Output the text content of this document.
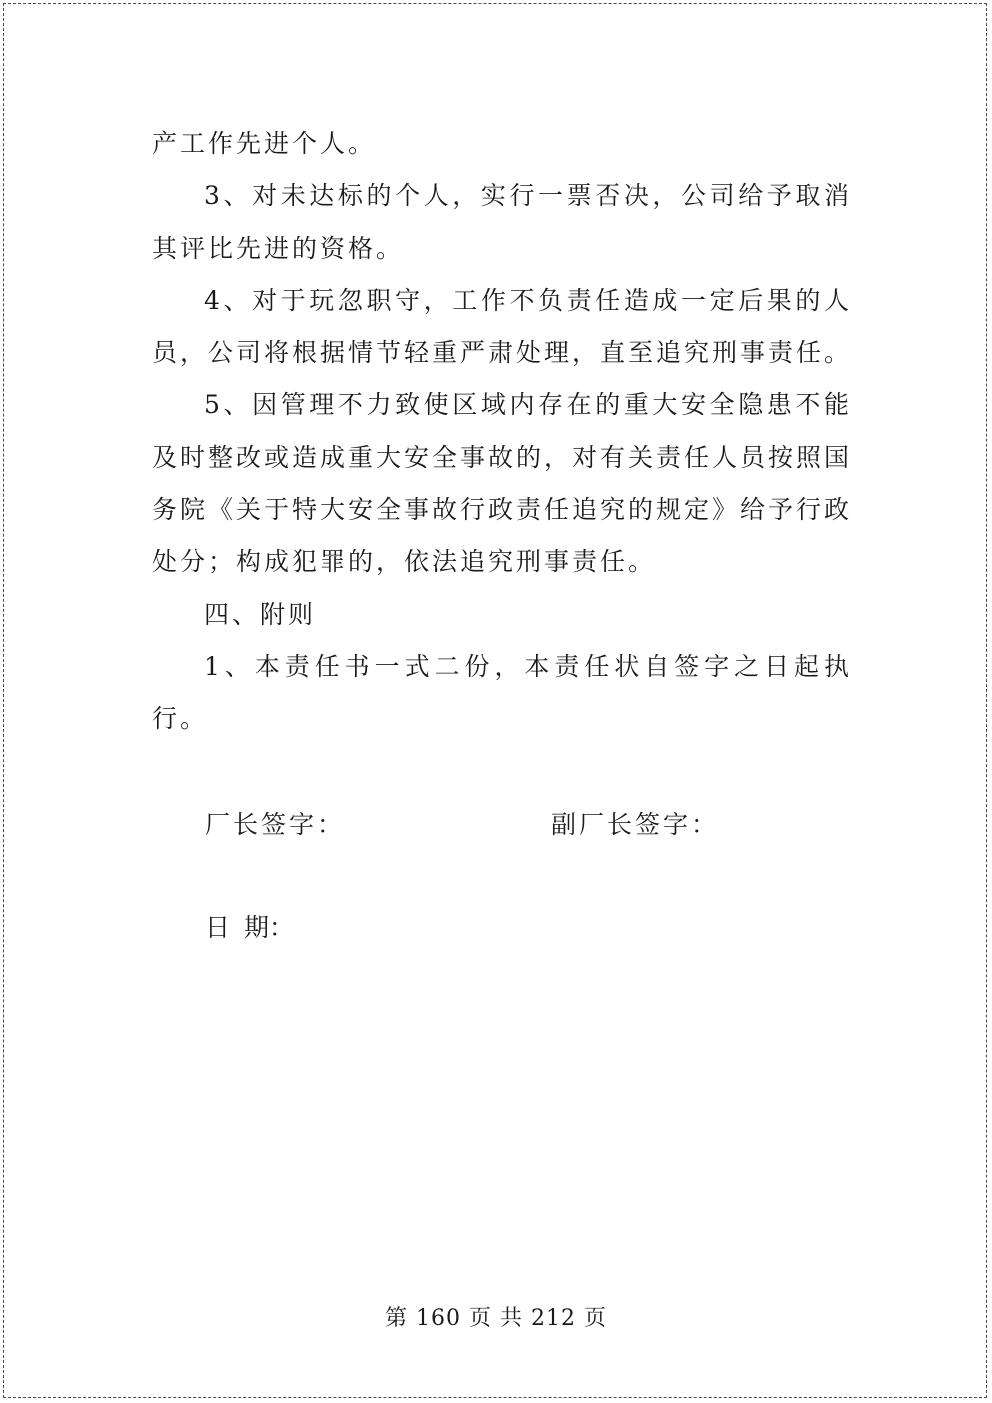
产工作先进个人。

3、对未达标的个人，实行一票否决，公司给予取消其评比先进的资格。

4、对于玩忽职守，工作不负责任造成一定后果的人员，公司将根据情节轻重严肃处理，直至追究刑事责任。

5、因管理不力致使区域内存在的重大安全隐患不能及时整改或造成重大安全事故的，对有关责任人员按照国务院《关于特大安全事故行政责任追究的规定》给予行政处分；构成犯罪的，依法追究刑事责任。

四、附则

1、本责任书一式二份，本责任状自签字之日起执行。

厂长签字：	副厂长签字：
日 期：
第 160 页 共 212 页
